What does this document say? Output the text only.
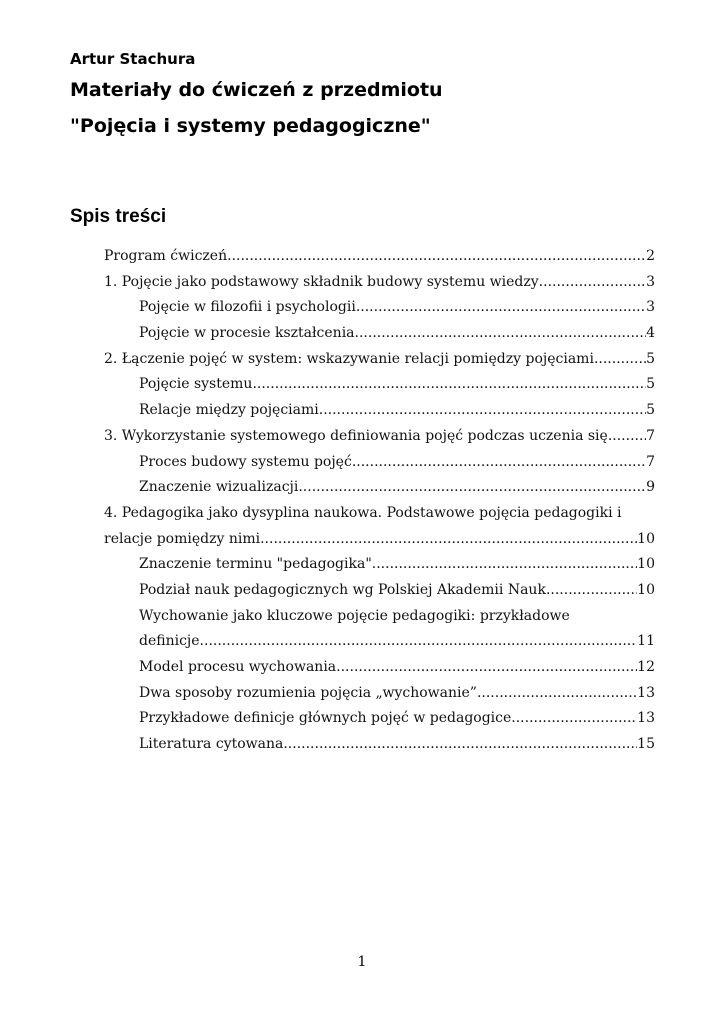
Artur Stachura
Materiały do ćwiczeń z przedmiotu
"Pojęcia i systemy pedagogiczne"
Spis treści
Program ćwiczeń .....	2
1. Pojęcie jako podstawowy składnik budowy systemu wiedzy .....	3
Pojęcie w filozofii i psychologii .....	3
Pojęcie w procesie kształcenia .....	4
2. Łączenie pojęć w system: wskazywanie relacji pomiędzy pojęciami .....	5
Pojęcie systemu .....	5
Relacje między pojęciami .....	5
3. Wykorzystanie systemowego definiowania pojęć podczas uczenia się .....	7
Proces budowy systemu pojęć .....	7
Znaczenie wizualizacji .....	9
4. Pedagogika jako dysyplina naukowa. Podstawowe pojęcia pedagogiki i
relacje pomiędzy nimi .....	10
Znaczenie terminu "pedagogika" .....	10
Podział nauk pedagogicznych wg Polskiej Akademii Nauk .....	10
Wychowanie jako kluczowe pojęcie pedagogiki: przykładowe
definicje .....	11
Model procesu wychowania .....	12
Dwa sposoby rozumienia pojęcia „wychowanie” .....	13
Przykładowe definicje głównych pojęć w pedagogice .....	13
Literatura cytowana .....	15
1
